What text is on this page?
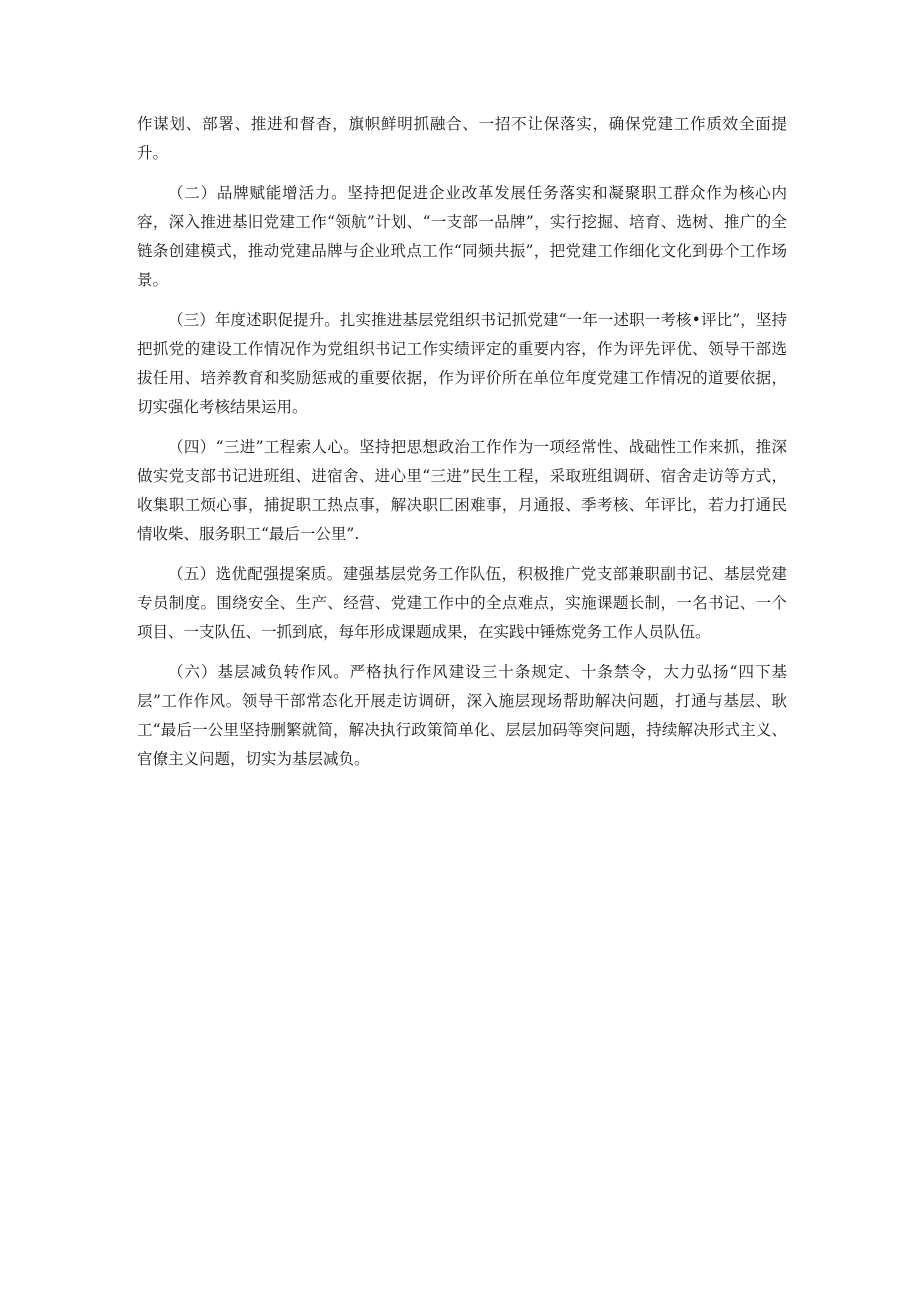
作谋划、部署、推进和督杳，旗帜鲜明抓融合、一招不让保落实，确保党建工作质效全面提升。

（二）品牌赋能增活力。坚持把促进企业改革发展任务落实和凝聚职工群众作为核心内容，深入推进基旧党建工作“领航”计划、“一支部一品牌”，实行挖掘、培育、选树、推广的全链条创建模式，推动党建品牌与企业玳点工作“同频共振”，把党建工作细化文化到毋个工作场景。

（三）年度述职促提升。扎实推进基层党组织书记抓党建“一年一述职一考核•评比”，坚持把抓党的建设工作情况作为党组织书记工作实绩评定的重要内容，作为评先评优、领导干部选拔任用、培养教育和奖励惩戒的重要依据，作为评价所在单位年度党建工作情况的道要依据，切实强化考核结果运用。

（四）“三进”工程索人心。坚持把思想政治工作作为一项经常性、战础性工作来抓，推深做实党支部书记进班组、进宿舍、进心里“三进”民生工程，采取班组调研、宿舍走访等方式，收集职工烦心事，捕捉职工热点事，解决职匚困难事，月通报、季考核、年评比，若力打通民情收柴、服务职工“最后一公里”.

（五）选优配强提案质。建强基层党务工作队伍，积极推广党支部兼职副书记、基层党建专员制度。围绕安全、生产、经营、党建工作中的全点难点，实施课题长制，一名书记、一个项目、一支队伍、一抓到底，每年形成课题成果，在实践中锤炼党务工作人员队伍。

（六）基层减负转作风。严格执行作风建设三十条规定、十条禁令，大力弘扬“四下基层”工作作风。领导干部常态化开展走访调研，深入施层现场帮助解决问题，打通与基层、耿工“最后一公里坚持删繁就简，解决执行政策简单化、层层加码等突问题，持续解决形式主义、官僚主义问题，切实为基层减负。
